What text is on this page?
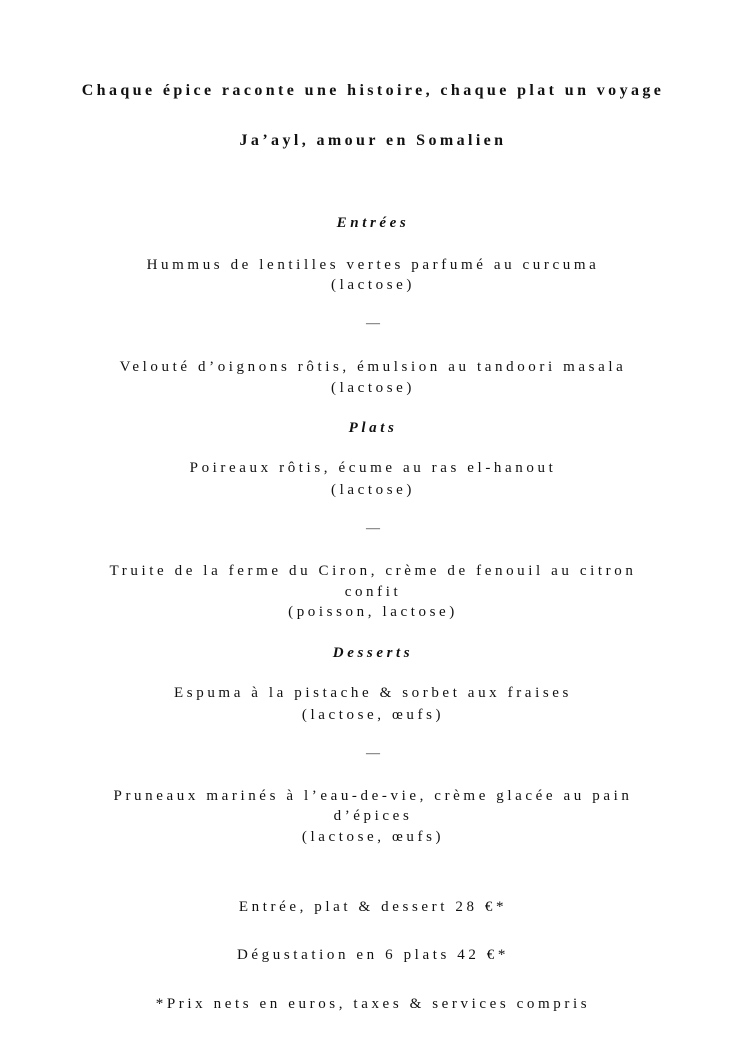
Chaque épice raconte une histoire, chaque plat un voyage
Ja’ayl, amour en Somalien
Entrées
Hummus de lentilles vertes parfumé au curcuma
(lactose)
—
Velouté d’oignons rôtis, émulsion au tandoori masala
(lactose)
Plats
Poireaux rôtis, écume au ras el-hanout
(lactose)
—
Truite de la ferme du Ciron, crème de fenouil au citron
confit
(poisson, lactose)
Desserts
Espuma à la pistache & sorbet aux fraises
(lactose, œufs)
—
Pruneaux marinés à l’eau-de-vie, crème glacée au pain
d’épices
(lactose, œufs)
Entrée, plat & dessert 28 €*
Dégustation en 6 plats 42 €*
*Prix nets en euros, taxes & services compris
